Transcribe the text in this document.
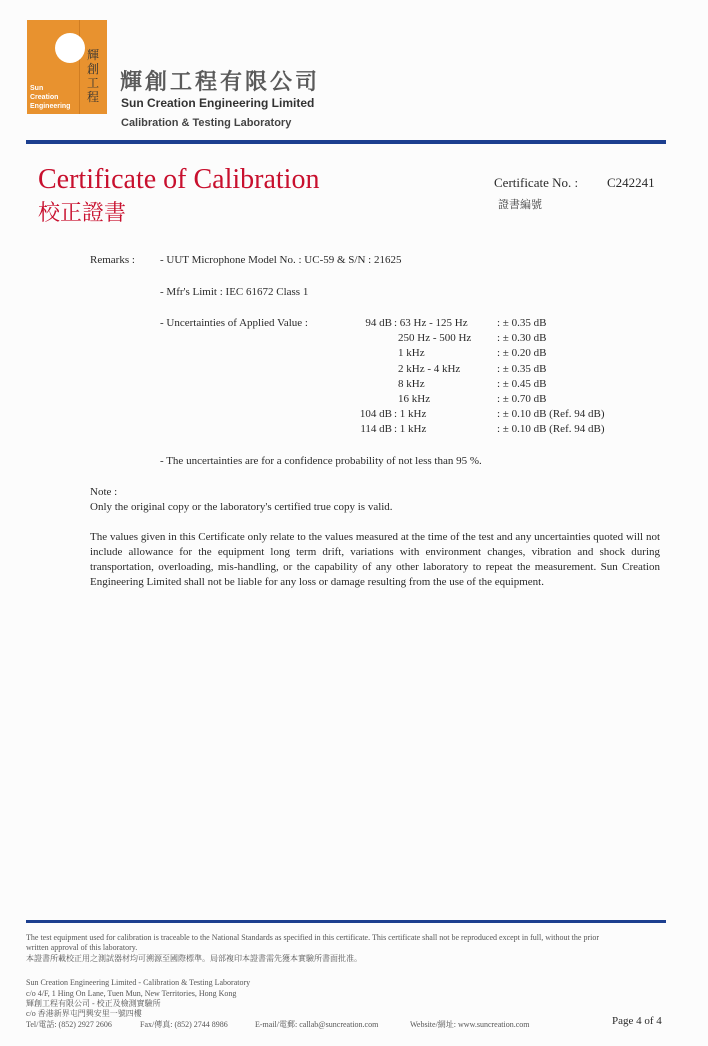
Sun
Creation
Engineering
輝
創
工
程
輝創工程有限公司
Sun Creation Engineering Limited
Calibration & Testing Laboratory
Certificate of Calibration
校正證書
Certificate No. : C242241
證書編號
Remarks : - UUT Microphone Model No. : UC-59 & S/N : 21625
- Mfr's Limit : IEC 61672 Class 1
- Uncertainties of Applied Value :	94 dB : 63 Hz - 125 Hz	: ± 0.35 dB
250 Hz - 500 Hz : ± 0.30 dB
1 kHz	: ± 0.20 dB
2 kHz - 4 kHz	: ± 0.35 dB
8 kHz	: ± 0.45 dB
16 kHz	: ± 0.70 dB
104 dB : 1 kHz	: ± 0.10 dB (Ref. 94 dB)
114 dB : 1 kHz	: ± 0.10 dB (Ref. 94 dB)
- The uncertainties are for a confidence probability of not less than 95 %.
Note :
Only the original copy or the laboratory's certified true copy is valid.
The values given in this Certificate only relate to the values measured at the time of the test and any uncertainties quoted will not include allowance for the equipment long term drift, variations with environment changes, vibration and shock during transportation, overloading, mis-handling, or the capability of any other laboratory to repeat the measurement. Sun Creation Engineering Limited shall not be liable for any loss or damage resulting from the use of the equipment.
The test equipment used for calibration is traceable to the National Standards as specified in this certificate. This certificate shall not be reproduced except in full, without the prior
written approval of this laboratory.
本證書所載校正用之測試器材均可溯源至國際標準。局部複印本證書需先獲本實驗所書面批准。
Sun Creation Engineering Limited - Calibration & Testing Laboratory
c/o 4/F, 1 Hing On Lane, Tuen Mun, New Territories, Hong Kong
輝創工程有限公司 - 校正及檢測實驗所
c/o 香港新界屯門興安里一號四樓
Tel/電話: (852) 2927 2606	Fax/傳真: (852) 2744 8986	E-mail/電郵: callab@suncreation.com	Website/網址: www.suncreation.com	Page 4 of 4
